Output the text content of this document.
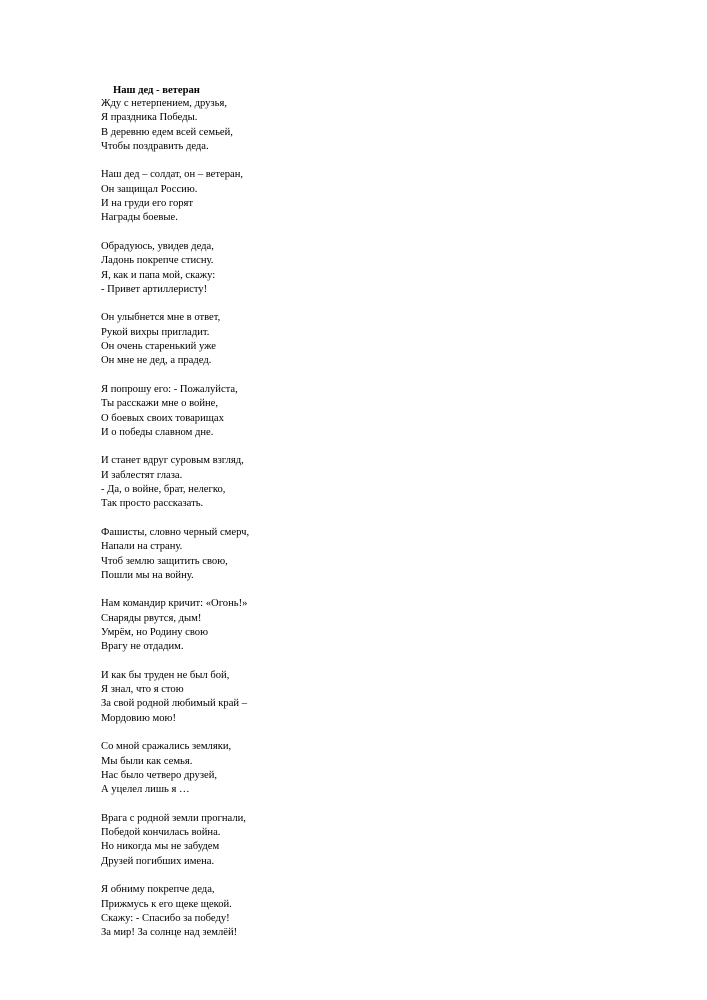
Наш дед - ветеран
Жду с нетерпением, друзья,
Я праздника Победы.
В деревню едем всей семьей,
Чтобы поздравить деда.
Наш дед – солдат, он – ветеран,
Он защищал Россию.
И на груди его горят
Награды боевые.
Обрадуюсь, увидев деда,
Ладонь покрепче стисну.
Я, как и папа мой, скажу:
- Привет артиллеристу!
Он улыбнется мне в ответ,
Рукой вихры пригладит.
Он очень старенький уже
Он мне не дед, а прадед.
Я попрошу его: - Пожалуйста,
Ты расскажи мне о войне,
О боевых своих товарищах
И о победы славном дне.
И станет вдруг суровым взгляд,
И заблестят глаза.
- Да, о войне, брат, нелегко,
Так просто рассказать.
Фашисты, словно черный смерч,
Напали на страну.
Чтоб землю защитить свою,
Пошли мы на войну.
Нам командир кричит: «Огонь!»
Снаряды рвутся, дым!
Умрём, но Родину свою
Врагу не отдадим.
И как бы труден не был бой,
Я знал, что я стою
За свой родной любимый край –
Мордовию мою!
Со мной сражались земляки,
Мы были как семья.
Нас было четверо друзей,
А уцелел лишь я …
Врага с родной земли прогнали,
Победой кончилась война.
Но никогда мы не забудем
Друзей погибших имена.
Я обниму покрепче деда,
Прижмусь к его щеке щекой.
Скажу: - Спасибо за победу!
За мир! За солнце над землёй!
